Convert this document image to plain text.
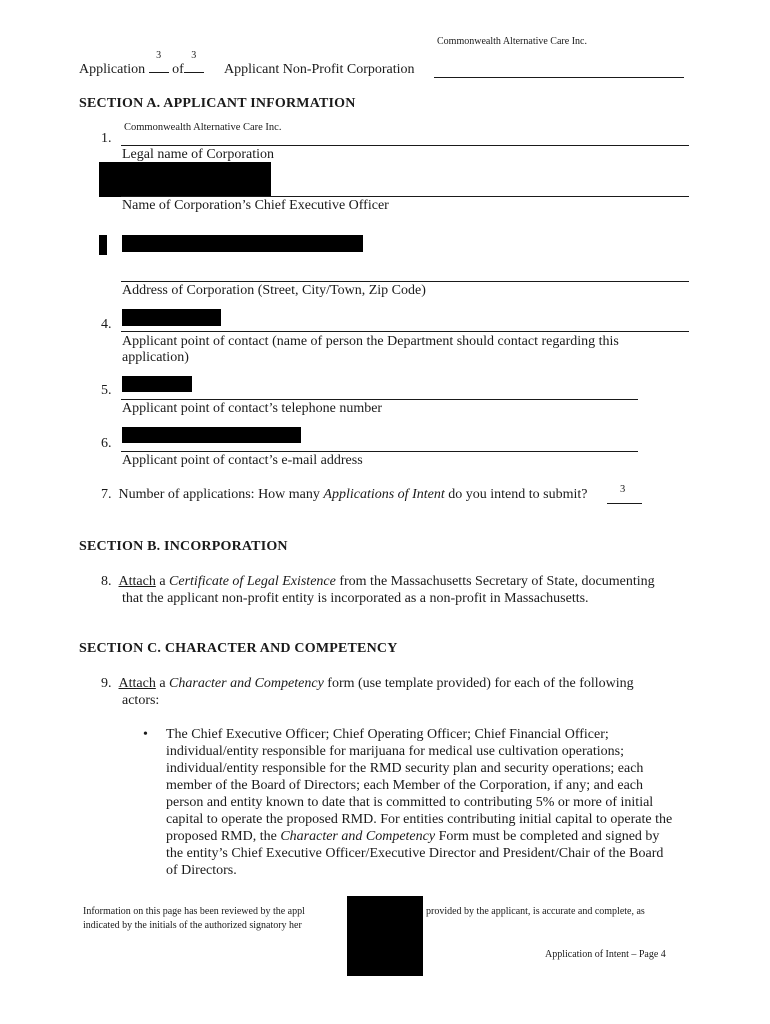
Commonwealth Alternative Care Inc.
Application
3
of
3
Applicant Non-Profit Corporation
SECTION A. APPLICANT INFORMATION
1.
Commonwealth Alternative Care Inc.
Legal name of Corporation
Name of Corporation’s Chief Executive Officer
Address of Corporation (Street, City/Town, Zip Code)
4.
Applicant point of contact (name of person the Department should contact regarding this
application)
5.
Applicant point of contact’s telephone number
6.
Applicant point of contact’s e-mail address
7. Number of applications: How many Applications of Intent do you intend to submit?	3
SECTION B. INCORPORATION
8. Attach a Certificate of Legal Existence from the Massachusetts Secretary of State, documenting
that the applicant non-profit entity is incorporated as a non-profit in Massachusetts.
SECTION C. CHARACTER AND COMPETENCY
9. Attach a Character and Competency form (use template provided) for each of the following
actors:
• The Chief Executive Officer; Chief Operating Officer; Chief Financial Officer;
individual/entity responsible for marijuana for medical use cultivation operations;
individual/entity responsible for the RMD security plan and security operations; each
member of the Board of Directors; each Member of the Corporation, if any; and each
person and entity known to date that is committed to contributing 5% or more of initial
capital to operate the proposed RMD. For entities contributing initial capital to operate the
proposed RMD, the Character and Competency Form must be completed and signed by
the entity’s Chief Executive Officer/Executive Director and President/Chair of the Board
of Directors.
Information on this page has been reviewed by the appl	provided by the applicant, is accurate and complete, as
indicated by the initials of the authorized signatory her
Application of Intent – Page 4
